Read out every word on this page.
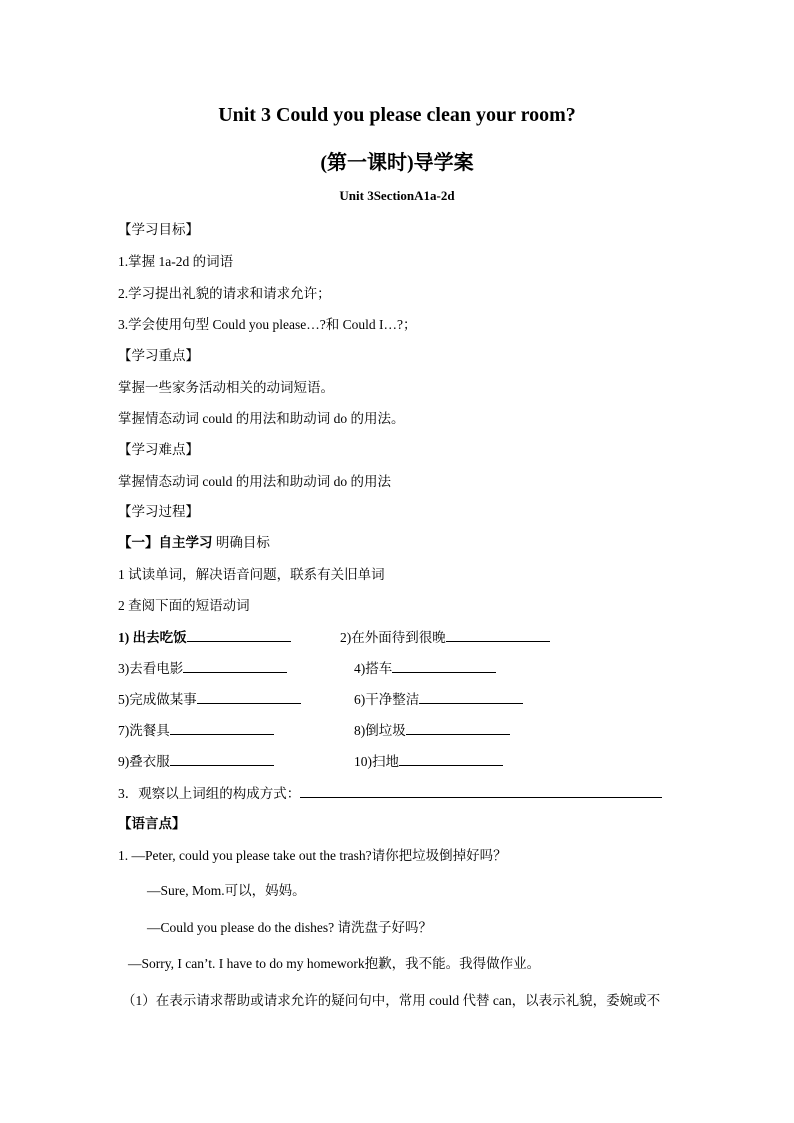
Unit 3 Could you please clean your room?
(第一课时)导学案
Unit 3SectionA1a-2d
【学习目标】
1.掌握 1a-2d 的词语
2.学习提出礼貌的请求和请求允许；
3.学会使用句型 Could you please…?和 Could I…?；
【学习重点】
掌握一些家务活动相关的动词短语。
掌握情态动词 could 的用法和助动词 do 的用法。
【学习难点】
掌握情态动词 could 的用法和助动词 do 的用法
【学习过程】
【一】自主学习 明确目标
1 试读单词，解决语音问题，联系有关旧单词
2 查阅下面的短语动词
1) 出去吃饭	2)在外面待到很晚
3)去看电影	4)搭车
5)完成做某事	6)干净整洁
7)洗餐具	8)倒垃圾
9)叠衣服	10)扫地
3．观察以上词组的构成方式：
【语言点】
1. —Peter, could you please take out the trash?请你把垃圾倒掉好吗？
—Sure, Mom.可以，妈妈。
—Could you please do the dishes? 请洗盘子好吗？
—Sorry, I can’t. I have to do my homework抱歉，我不能。我得做作业。
（1）在表示请求帮助或请求允许的疑问句中，常用 could 代替 can，以表示礼貌，委婉或不
